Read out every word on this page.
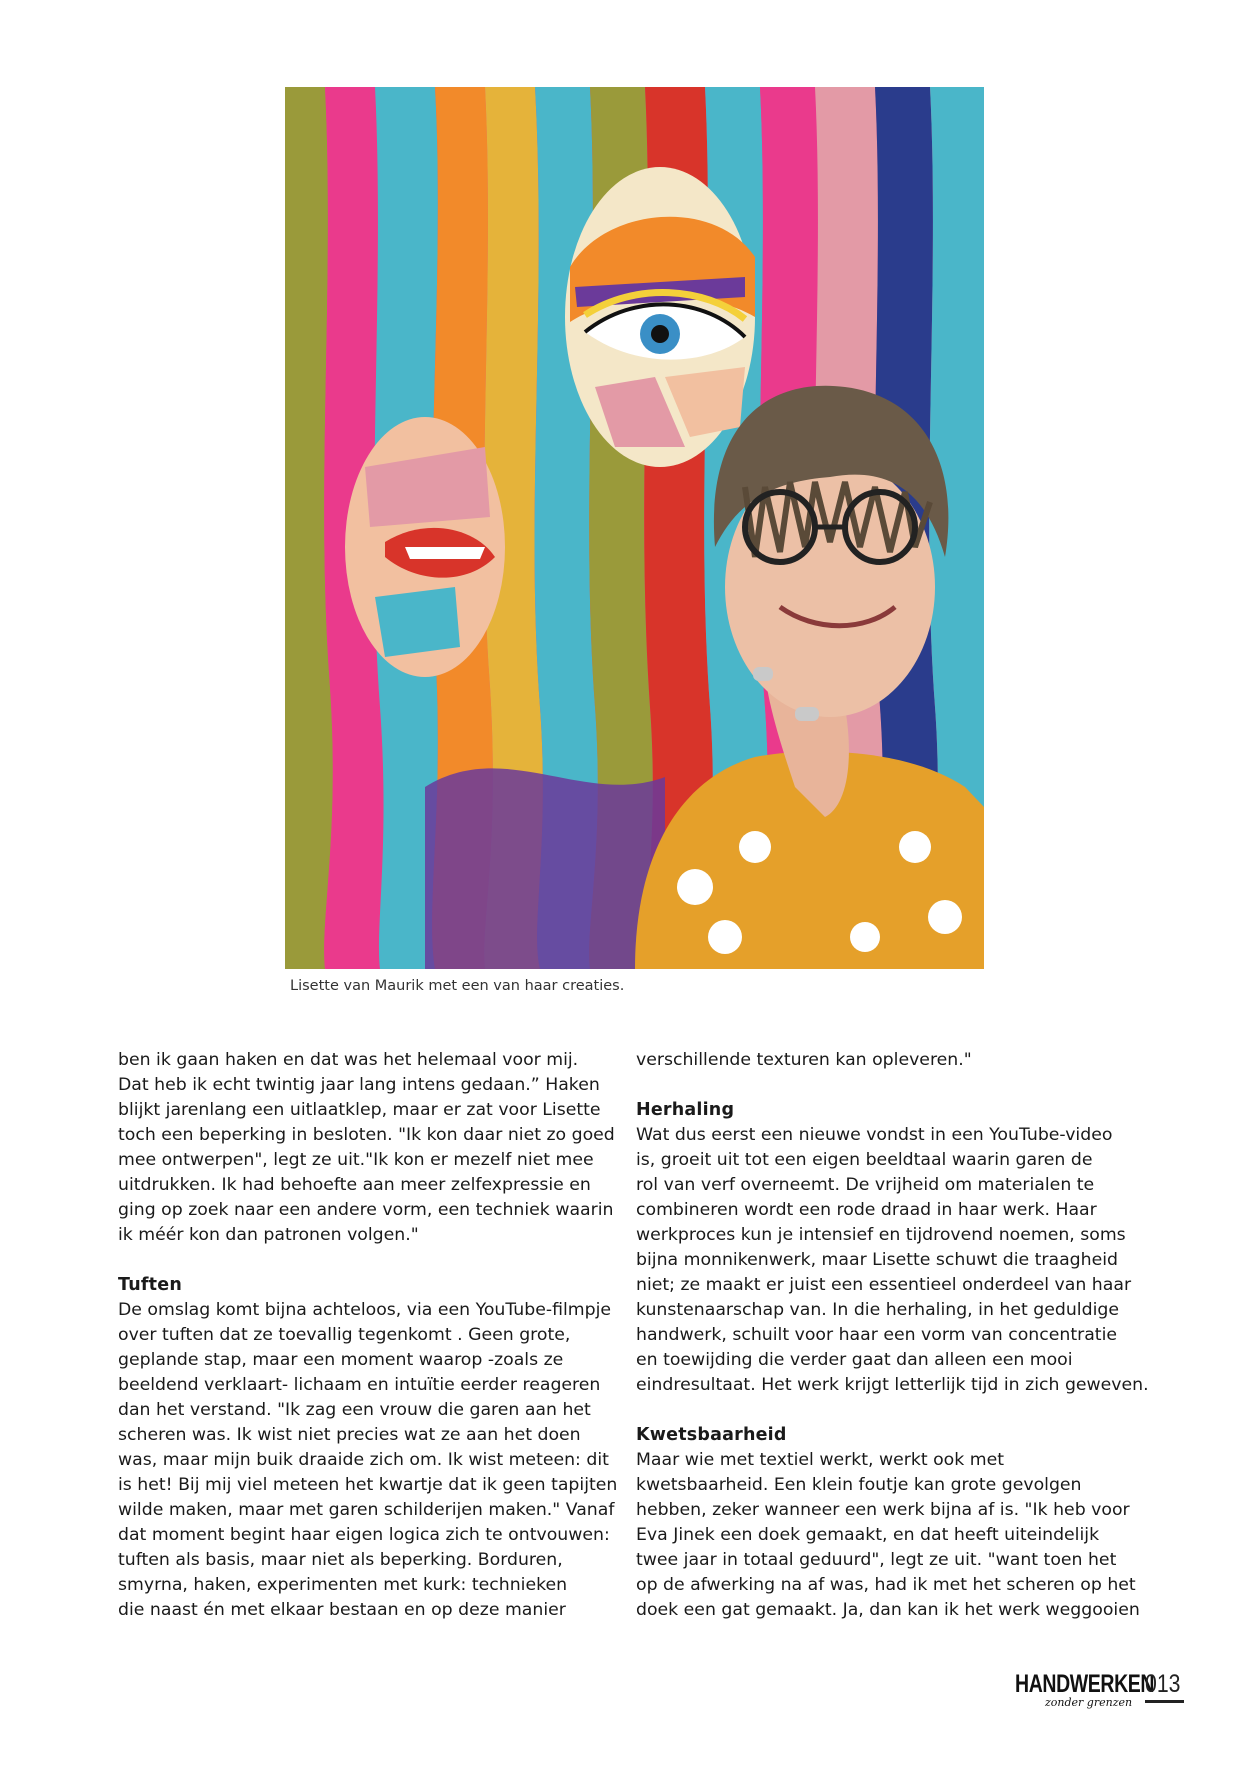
Lisette van Maurik met een van haar creaties.

ben ik gaan haken en dat was het helemaal voor mij.
Dat heb ik echt twintig jaar lang intens gedaan.” Haken
blijkt jarenlang een uitlaatklep, maar er zat voor Lisette
toch een beperking in besloten. "Ik kon daar niet zo goed
mee ontwerpen", legt ze uit."Ik kon er mezelf niet mee
uitdrukken. Ik had behoefte aan meer zelfexpressie en
ging op zoek naar een andere vorm, een techniek waarin
ik méér kon dan patronen volgen."

Tuften

De omslag komt bijna achteloos, via een YouTube-filmpje
over tuften dat ze toevallig tegenkomt . Geen grote,
geplande stap, maar een moment waarop -zoals ze
beeldend verklaart- lichaam en intuïtie eerder reageren
dan het verstand. "Ik zag een vrouw die garen aan het
scheren was. Ik wist niet precies wat ze aan het doen
was, maar mijn buik draaide zich om. Ik wist meteen: dit
is het! Bij mij viel meteen het kwartje dat ik geen tapijten
wilde maken, maar met garen schilderijen maken." Vanaf
dat moment begint haar eigen logica zich te ontvouwen:
tuften als basis, maar niet als beperking. Borduren,
smyrna, haken, experimenten met kurk: technieken
die naast én met elkaar bestaan en op deze manier

verschillende texturen kan opleveren."

Herhaling

Wat dus eerst een nieuwe vondst in een YouTube-video
is, groeit uit tot een eigen beeldtaal waarin garen de
rol van verf overneemt. De vrijheid om materialen te
combineren wordt een rode draad in haar werk. Haar
werkproces kun je intensief en tijdrovend noemen, soms
bijna monnikenwerk, maar Lisette schuwt die traagheid
niet; ze maakt er juist een essentieel onderdeel van haar
kunstenaarschap van. In die herhaling, in het geduldige
handwerk, schuilt voor haar een vorm van concentratie
en toewijding die verder gaat dan alleen een mooi
eindresultaat. Het werk krijgt letterlijk tijd in zich geweven.

Kwetsbaarheid

Maar wie met textiel werkt, werkt ook met
kwetsbaarheid. Een klein foutje kan grote gevolgen
hebben, zeker wanneer een werk bijna af is. "Ik heb voor
Eva Jinek een doek gemaakt, en dat heeft uiteindelijk
twee jaar in totaal geduurd", legt ze uit. "want toen het
op de afwerking na af was, had ik met het scheren op het
doek een gat gemaakt. Ja, dan kan ik het werk weggooien

HANDWERKEN
zonder grenzen
013
